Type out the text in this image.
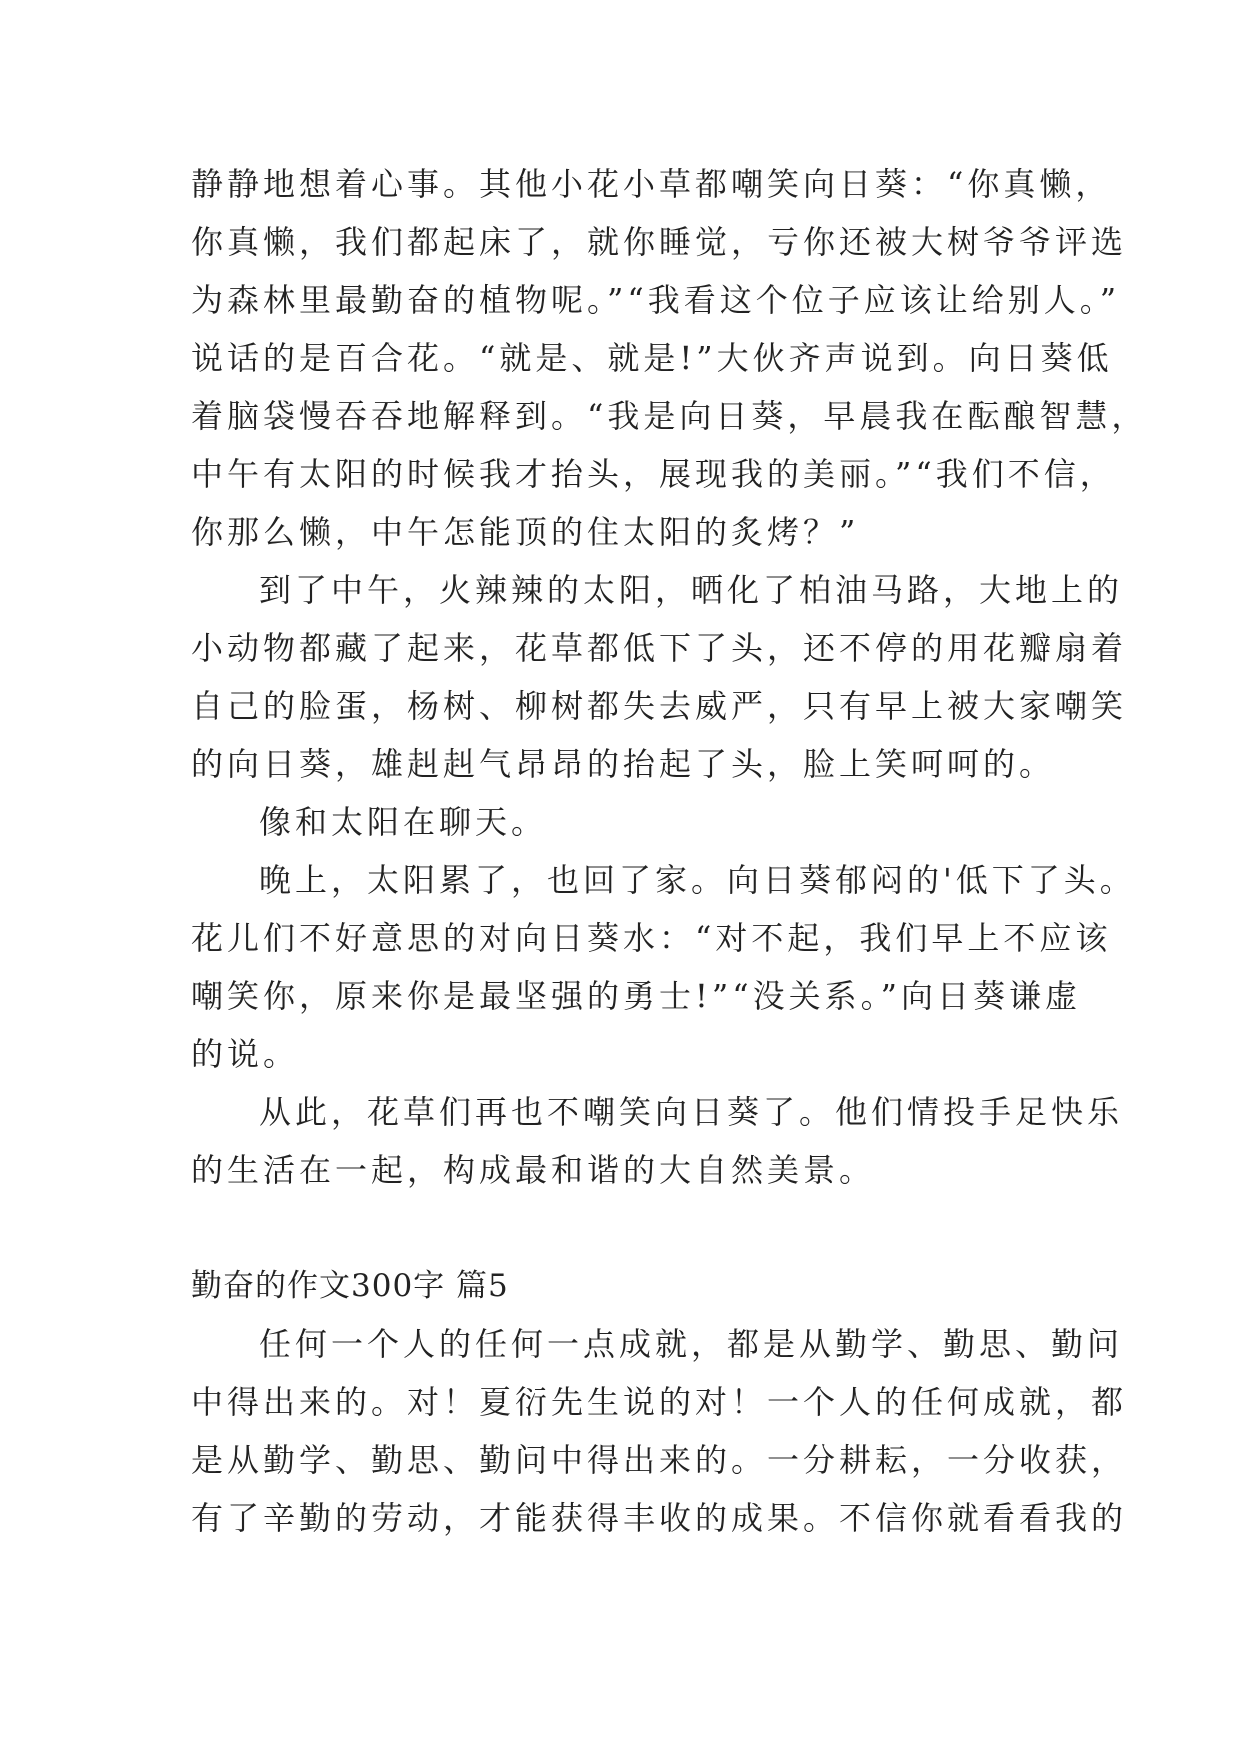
静静地想着心事。其他小花小草都嘲笑向日葵：“你真懒，
你真懒，我们都起床了，就你睡觉，亏你还被大树爷爷评选
为森林里最勤奋的植物呢。”“我看这个位子应该让给别人。”
说话的是百合花。“就是、就是!”大伙齐声说到。向日葵低
着脑袋慢吞吞地解释到。“我是向日葵，早晨我在酝酿智慧，
中午有太阳的时候我才抬头，展现我的美丽。”“我们不信，
你那么懒，中午怎能顶的住太阳的炙烤？”
到了中午，火辣辣的太阳，晒化了柏油马路，大地上的
小动物都藏了起来，花草都低下了头，还不停的用花瓣扇着
自己的脸蛋，杨树、柳树都失去威严，只有早上被大家嘲笑
的向日葵，雄赳赳气昂昂的抬起了头，脸上笑呵呵的。
像和太阳在聊天。
晚上，太阳累了，也回了家。向日葵郁闷的'低下了头。
花儿们不好意思的对向日葵水：“对不起，我们早上不应该
嘲笑你，原来你是最坚强的勇士!”“没关系。”向日葵谦虚
的说。
从此，花草们再也不嘲笑向日葵了。他们情投手足快乐
的生活在一起，构成最和谐的大自然美景。
勤奋的作文300字 篇5
任何一个人的任何一点成就，都是从勤学、勤思、勤问
中得出来的。对！夏衍先生说的对！一个人的任何成就，都
是从勤学、勤思、勤问中得出来的。一分耕耘，一分收获，
有了辛勤的劳动，才能获得丰收的成果。不信你就看看我的
